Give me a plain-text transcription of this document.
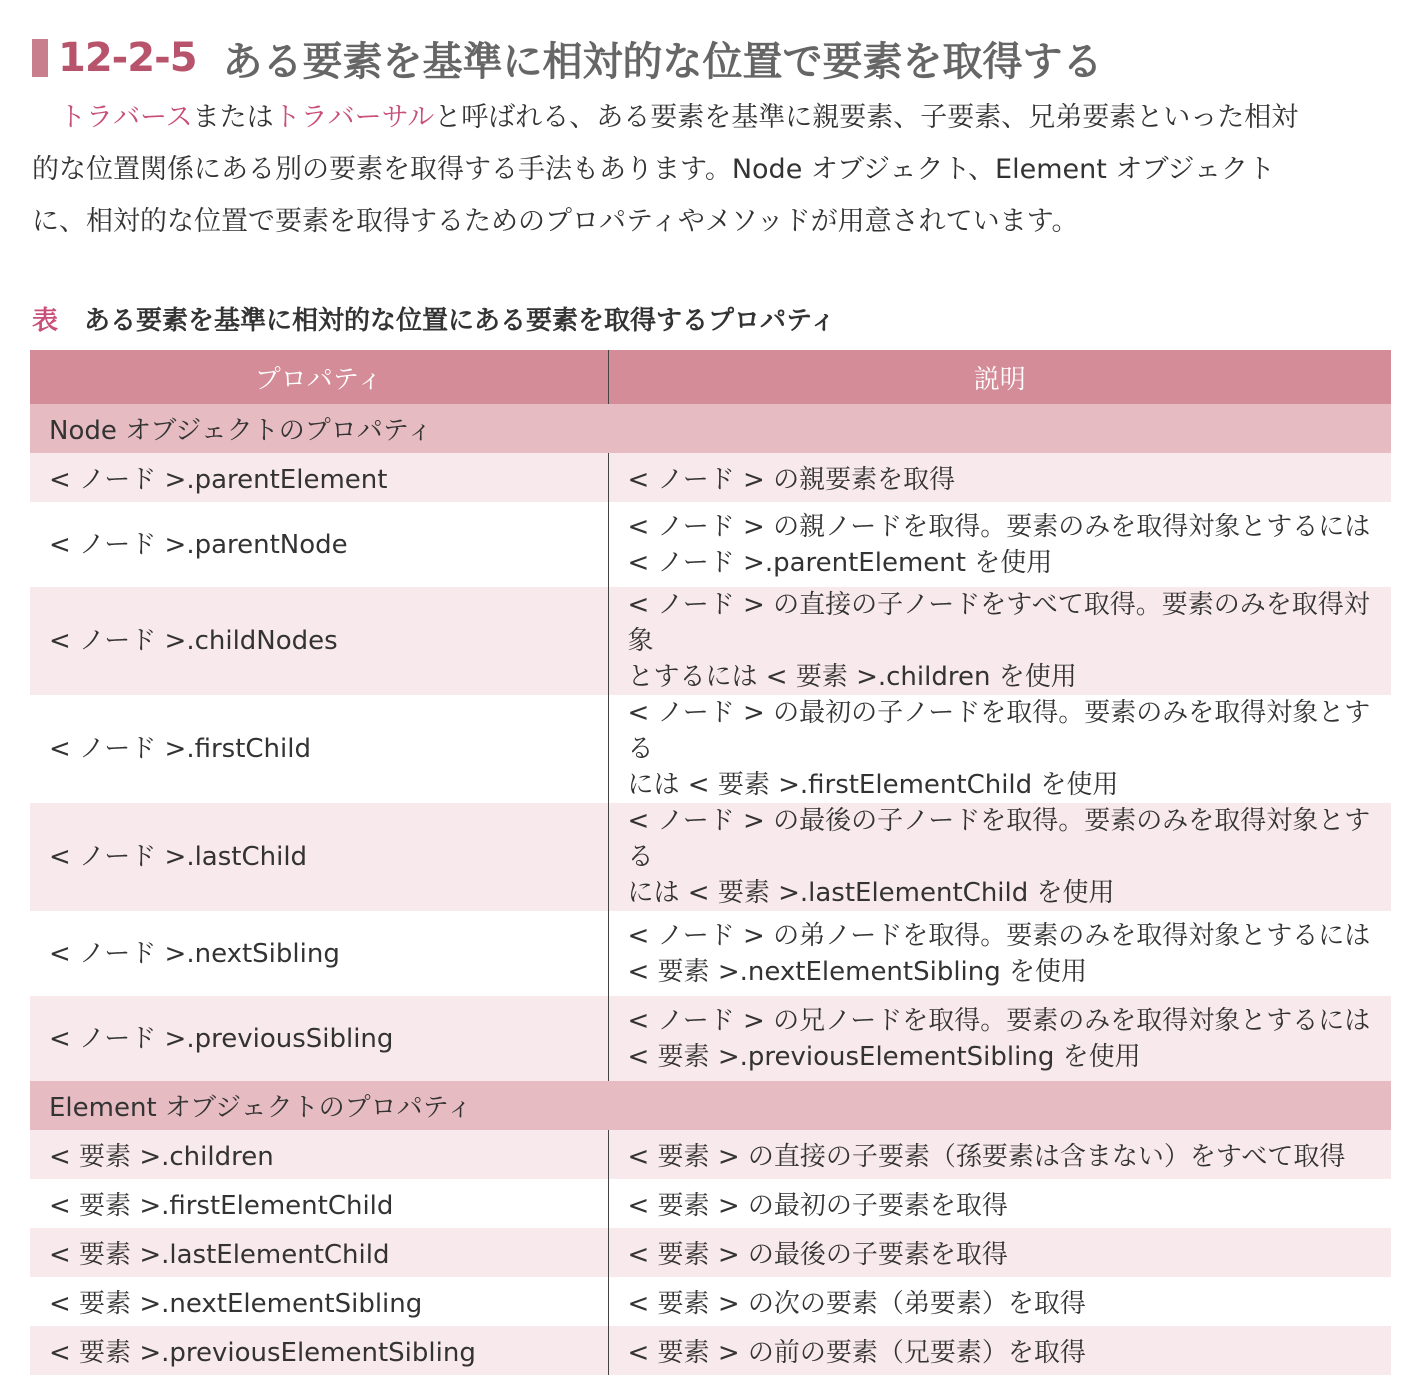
12-2-5 ある要素を基準に相対的な位置で要素を取得する

　トラバースまたはトラバーサルと呼ばれる、ある要素を基準に親要素、子要素、兄弟要素といった相対

的な位置関係にある別の要素を取得する手法もあります。Node オブジェクト、Element オブジェクト

に、相対的な位置で要素を取得するためのプロパティやメソッドが用意されています。

表 ある要素を基準に相対的な位置にある要素を取得するプロパティ
プロパティ	説明
Node オブジェクトのプロパティ	
< ノード >.parentElement	< ノード > の親要素を取得
< ノード >.parentNode	< ノード > の親ノードを取得。要素のみを取得対象とするには
< ノード >.parentElement を使用
< ノード >.childNodes	< ノード > の直接の子ノードをすべて取得。要素のみを取得対象
とするには < 要素 >.children を使用
< ノード >.firstChild	< ノード > の最初の子ノードを取得。要素のみを取得対象とする
には < 要素 >.firstElementChild を使用
< ノード >.lastChild	< ノード > の最後の子ノードを取得。要素のみを取得対象とする
には < 要素 >.lastElementChild を使用
< ノード >.nextSibling	< ノード > の弟ノードを取得。要素のみを取得対象とするには
< 要素 >.nextElementSibling を使用
< ノード >.previousSibling	< ノード > の兄ノードを取得。要素のみを取得対象とするには
< 要素 >.previousElementSibling を使用
Element オブジェクトのプロパティ	
< 要素 >.children	< 要素 > の直接の子要素（孫要素は含まない）をすべて取得
< 要素 >.firstElementChild	< 要素 > の最初の子要素を取得
< 要素 >.lastElementChild	< 要素 > の最後の子要素を取得
< 要素 >.nextElementSibling	< 要素 > の次の要素（弟要素）を取得
< 要素 >.previousElementSibling	< 要素 > の前の要素（兄要素）を取得
